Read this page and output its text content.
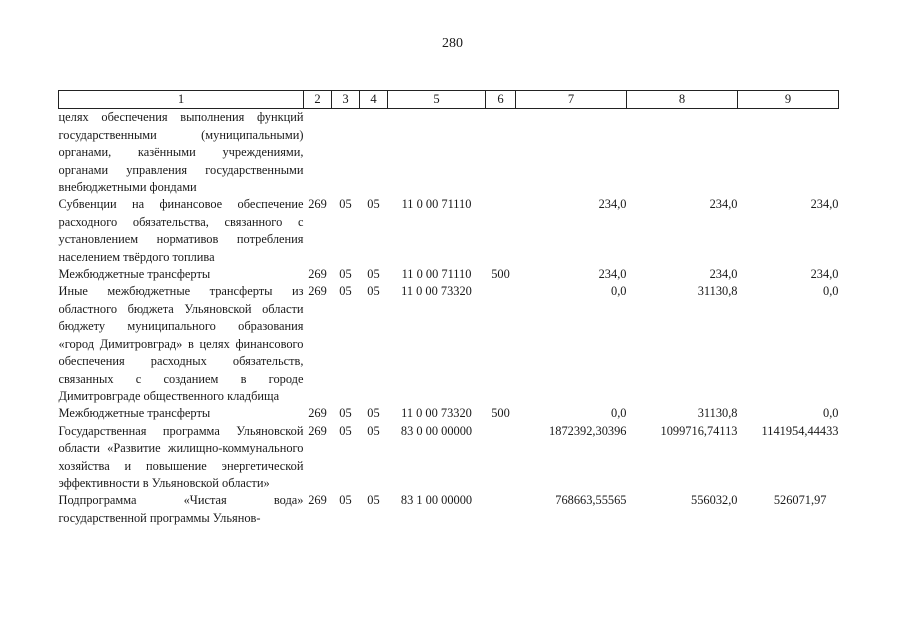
280
1	2	3	4	5	6	7	8	9
целях обеспечения выполнения функций государственными (муниципальными) органами, казёнными учреждениями, органами управления государственными внебюджетными фондами								
Субвенции на финансовое обеспечение расходного обязательства, связанного с установлением нормативов потребления населением твёрдого топлива	269	05	05	11 0 00 71110		234,0	234,0	234,0
Межбюджетные трансферты	269	05	05	11 0 00 71110	500	234,0	234,0	234,0
Иные межбюджетные трансферты из областного бюджета Ульяновской области бюджету муниципального образования «город Димитровград» в целях финансового обеспечения расходных обязательств, связанных с созданием в городе Димитровграде общественного кладбища	269	05	05	11 0 00 73320		0,0	31130,8	0,0
Межбюджетные трансферты	269	05	05	11 0 00 73320	500	0,0	31130,8	0,0
Государственная программа Ульяновской области «Развитие жилищно-коммунального хозяйства и повышение энергетической эффективности в Ульяновской области»	269	05	05	83 0 00 00000		1872392,30396	1099716,74113	1141954,44433
Подпрограмма «Чистая вода» государственной программы Ульянов-	269	05	05	83 1 00 00000		768663,55565	556032,0	526071,97
